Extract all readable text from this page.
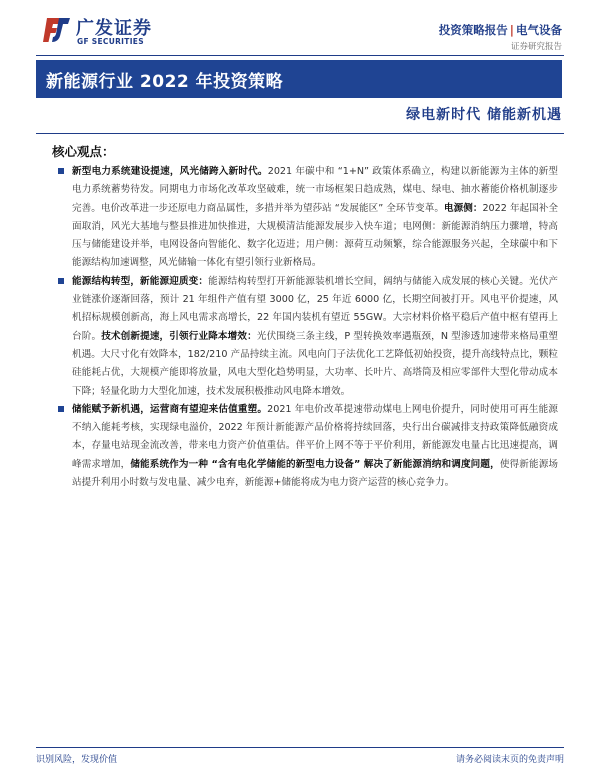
广发证券
GF SECURITIES
投资策略报告 | 电气设备
证券研究报告
新能源行业 2022 年投资策略
绿电新时代 储能新机遇
核心观点：
新型电力系统建设提速，风光储跨入新时代。2021 年碳中和 “1+N” 政策体系确立，构建以新能源为主体的新型电力系统蓄势待发。同期电力市场化改革攻坚破难，统一市场框架日趋成熟，煤电、绿电、抽水蓄能价格机制逐步完善。电价改革进一步还原电力商品属性，多措并举为望莎站 “发展能区” 全环节变革。电源侧：2022 年起国补全面取消，风光大基地与整县推进加快推进，大规模清洁能源发展步入快车道；电网侧：新能源消纳压力骤增，特高压与储能建设并举，电网设备向智能化、数字化迈进；用户侧：源荷互动频繁，综合能源服务兴起，全球碳中和下能源结构加速调整，风光储输一体化有望引领行业新格局。
能源结构转型，新能源迎质变：能源结构转型打开新能源装机增长空间，阔纳与储能入成发展的核心关键。光伏产业链涨价逐渐回落，预计 21 年组件产值有望 3000 亿，25 年近 6000 亿，长期空间被打开。风电平价提速，风机招标规模创新高，海上风电需求高增长，22 年国内装机有望近 55GW。大宗材料价格平稳后产值中枢有望再上台阶。技术创新提速，引领行业降本增效：光伏围绕三条主线，P 型转换效率遇瓶颈，N 型渗透加速带来格局重塑机遇。大尺寸化有效降本，182/210 产品持续主流。风电向门子法优化工艺降低初始投资，提升高线特点比，颗粒硅能耗占优，大规模产能即将放量，风电大型化趋势明显，大功率、长叶片、高塔筒及相应零部件大型化带动成本下降；轻量化助力大型化加速，技术发展积极推动风电降本增效。
储能赋予新机遇，运营商有望迎来估值重塑。2021 年电价改革提速带动煤电上网电价提升，同时使用可再生能源不纳入能耗考核，实现绿电溢价，2022 年预计新能源产品价格将持续回落，央行出台碳减排支持政策降低融资成本，存量电站现金流改善，带来电力资产价值重估。伴平价上网不等于平价利用，新能源发电量占比迅速提高，调峰需求增加，储能系统作为一种 “含有电化学储能的新型电力设备” 解决了新能源消纳和调度问题，使得新能源场站提升利用小时数与发电量、减少电弃，新能源+储能将成为电力资产运营的核心竞争力。
识别风险，发现价值	请务必阅读末页的免责声明
